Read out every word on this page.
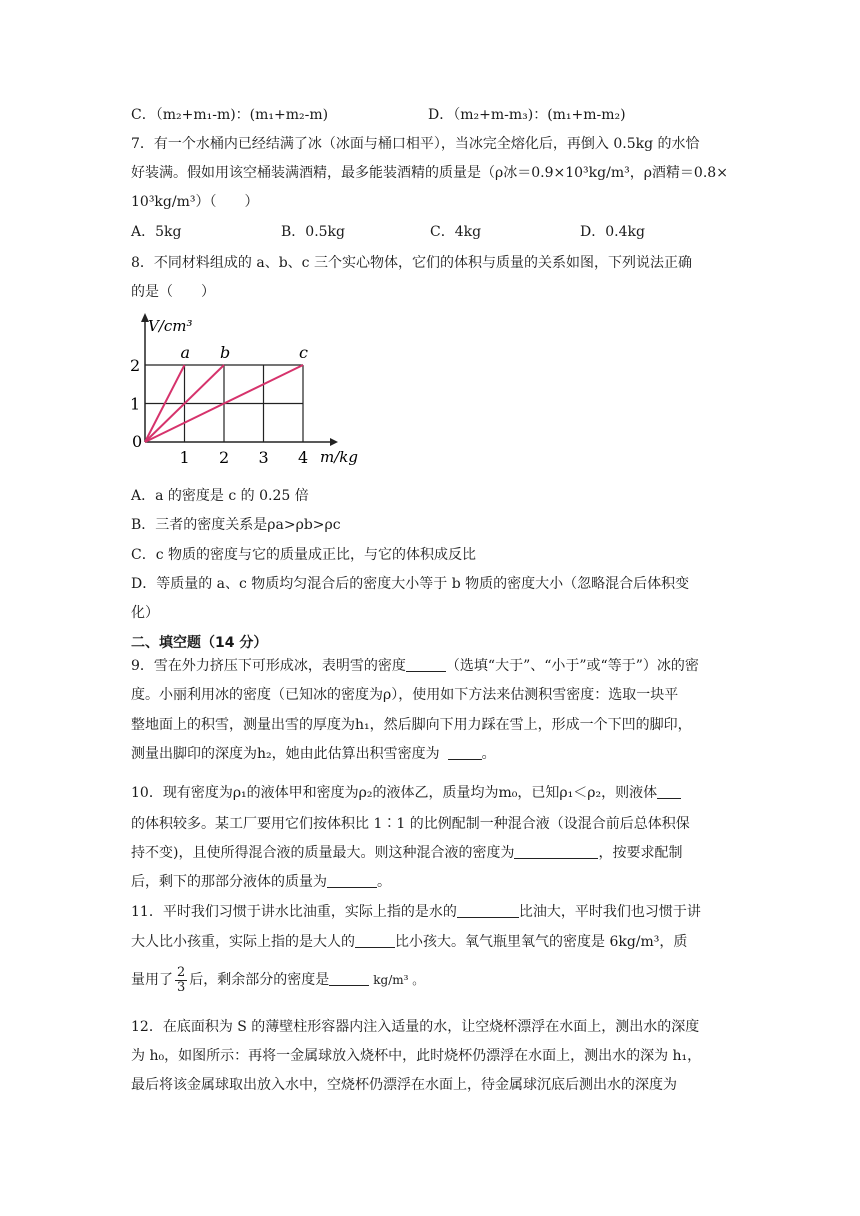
C．（m₂+m₁-m)：(m₁+m₂-m)	D．（m₂+m-m₃)：(m₁+m-m₂)
7．有一个水桶内已经结满了冰（冰面与桶口相平），当冰完全熔化后，再倒入 0.5kg 的水恰
好装满。假如用该空桶装满酒精，最多能装酒精的质量是（ρ冰＝0.9×10³kg/m³，ρ酒精＝0.8×
10³kg/m³）（　　）
A．5kg	B．0.5kg	C．4kg	D．0.4kg
8．不同材料组成的 a、b、c 三个实心物体，它们的体积与质量的关系如图，下列说法正确
的是（　　）
V/cm³
m/kg
a b	c
0
1 2 3 4
1
2
A．a 的密度是 c 的 0.25 倍
B．三者的密度关系是ρa>ρb>ρc
C．c 物质的密度与它的质量成正比，与它的体积成反比
D．等质量的 a、c 物质均匀混合后的密度大小等于 b 物质的密度大小（忽略混合后体积变
化）
二、填空题（14 分）
9．雪在外力挤压下可形成冰，表明雪的密度	（选填“大于”、“小于”或“等于”）冰的密
度。小丽利用冰的密度（已知冰的密度为ρ），使用如下方法来估测积雪密度：选取一块平
整地面上的积雪，测量出雪的厚度为h₁，然后脚向下用力踩在雪上，形成一个下凹的脚印，
测量出脚印的深度为h₂，她由此估算出积雪密度为	。
10．现有密度为ρ₁的液体甲和密度为ρ₂的液体乙，质量均为m₀，已知ρ₁＜ρ₂，则液体
的体积较多。某工厂要用它们按体积比 1∶1 的比例配制一种混合液（设混合前后总体积保
持不变)，且使所得混合液的质量最大。则这种混合液的密度为	，按要求配制
后，剩下的那部分液体的质量为	。
11．平时我们习惯于讲水比油重，实际上指的是水的	比油大，平时我们也习惯于讲
大人比小孩重，实际上指的是大人的	比小孩大。氧气瓶里氧气的密度是 6kg/m³，质
量用了 $\frac{2}{3}$ 后，剩余部分的密度是	kg/m³ 。
12．在底面积为 S 的薄壁柱形容器内注入适量的水，让空烧杯漂浮在水面上，测出水的深度
为 h₀，如图所示：再将一金属球放入烧杯中，此时烧杯仍漂浮在水面上，测出水的深为 h₁，
最后将该金属球取出放入水中，空烧杯仍漂浮在水面上，待金属球沉底后测出水的深度为
